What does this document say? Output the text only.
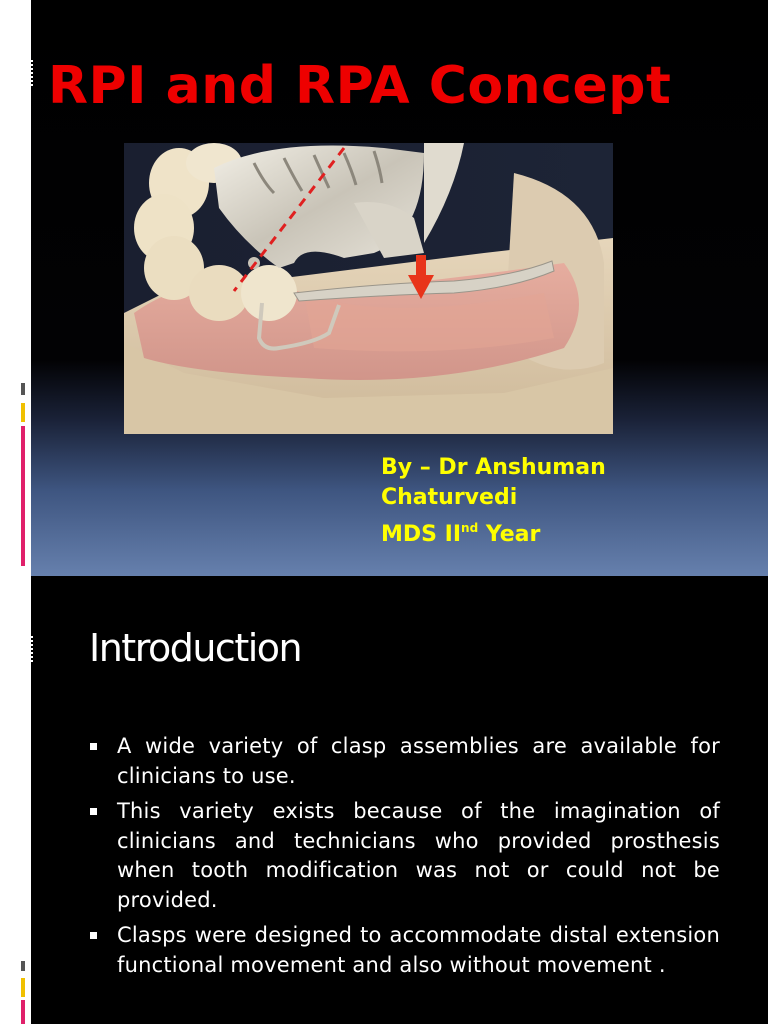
RPI and RPA Concept
By – Dr Anshuman
Chaturvedi
MDS IInd Year
Introduction
A wide variety of clasp assemblies are available for clinicians to use.
This variety exists because of the imagination of clinicians and technicians who provided prosthesis when tooth modification was not or could not be provided.
Clasps were designed to accommodate distal extension functional movement and also without movement .
